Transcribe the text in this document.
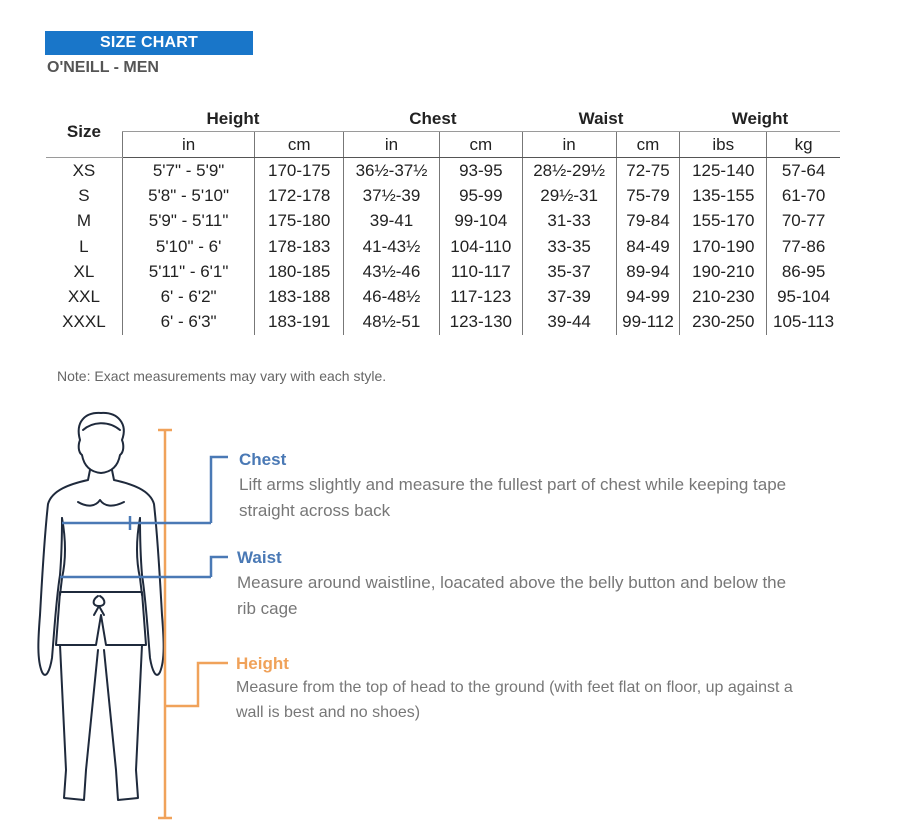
SIZE CHART
O'NEILL - MEN
Size	Height		Chest		Waist		Weight	
	in	cm	in	cm	in	cm	ibs	kg
XS	5'7" - 5'9"	170-175	36½-37½	93-95	28½-29½	72-75	125-140	57-64
S	5'8" - 5'10"	172-178	37½-39	95-99	29½-31	75-79	135-155	61-70
M	5'9" - 5'11"	175-180	39-41	99-104	31-33	79-84	155-170	70-77
L	5'10" - 6'	178-183	41-43½	104-110	33-35	84-49	170-190	77-86
XL	5'11" - 6'1"	180-185	43½-46	110-117	35-37	89-94	190-210	86-95
XXL	6' - 6'2"	183-188	46-48½	117-123	37-39	94-99	210-230	95-104
XXXL	6' - 6'3"	183-191	48½-51	123-130	39-44	99-112	230-250	105-113
Note: Exact measurements may vary with each style.
Chest
Lift arms slightly and measure the fullest part of chest while keeping tape
straight across back
Waist
Measure around waistline, loacated above the belly button and below the
rib cage
Height
Measure from the top of head to the ground (with feet flat on floor, up against a
wall is best and no shoes)
